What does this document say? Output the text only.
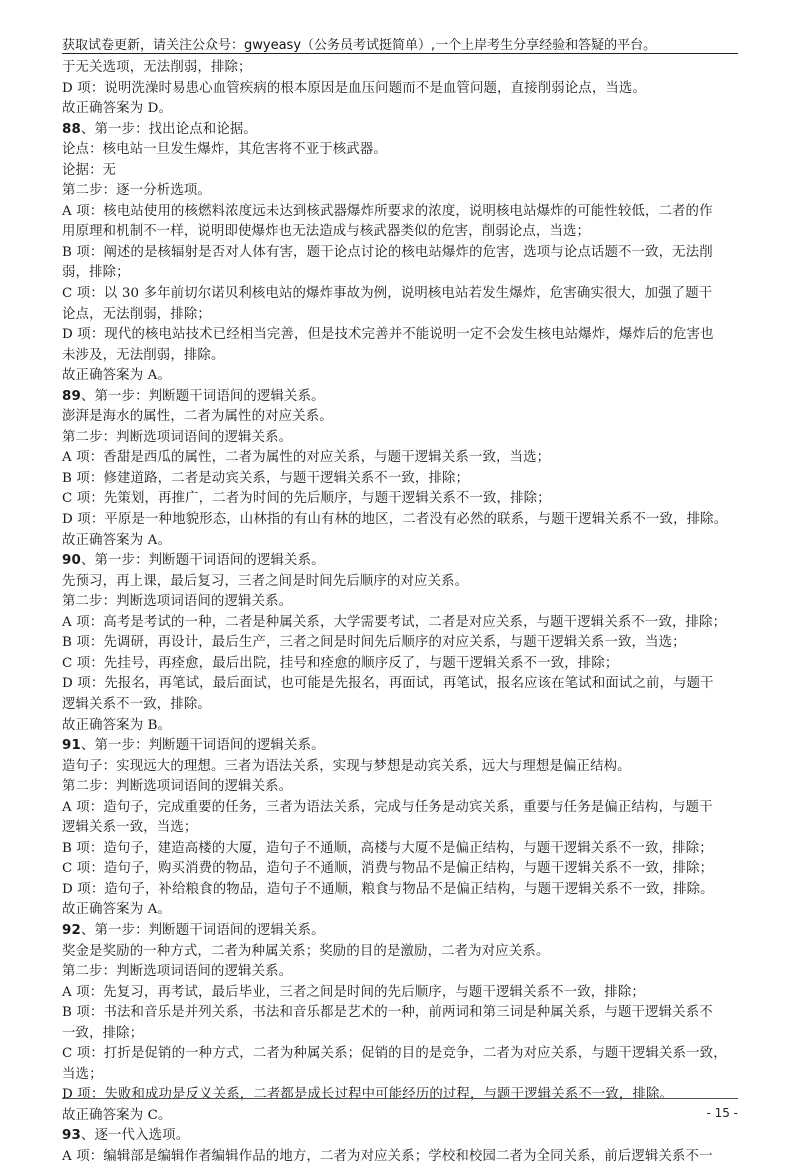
获取试卷更新，请关注公众号：gwyeasy（公务员考试挺简单）,一个上岸考生分享经验和答疑的平台。
于无关选项，无法削弱，排除；
D 项：说明洗澡时易患心血管疾病的根本原因是血压问题而不是血管问题，直接削弱论点，当选。
故正确答案为 D。
88、第一步：找出论点和论据。
论点：核电站一旦发生爆炸，其危害将不亚于核武器。
论据：无
第二步：逐一分析选项。
A 项：核电站使用的核燃料浓度远未达到核武器爆炸所要求的浓度，说明核电站爆炸的可能性较低，二者的作
用原理和机制不一样，说明即使爆炸也无法造成与核武器类似的危害，削弱论点，当选；
B 项：阐述的是核辐射是否对人体有害，题干论点讨论的核电站爆炸的危害，选项与论点话题不一致，无法削
弱，排除；
C 项：以 30 多年前切尔诺贝利核电站的爆炸事故为例，说明核电站若发生爆炸，危害确实很大，加强了题干
论点，无法削弱，排除；
D 项：现代的核电站技术已经相当完善，但是技术完善并不能说明一定不会发生核电站爆炸，爆炸后的危害也
未涉及，无法削弱，排除。
故正确答案为 A。
89、第一步：判断题干词语间的逻辑关系。
澎湃是海水的属性，二者为属性的对应关系。
第二步：判断选项词语间的逻辑关系。
A 项：香甜是西瓜的属性，二者为属性的对应关系，与题干逻辑关系一致，当选；
B 项：修建道路，二者是动宾关系，与题干逻辑关系不一致，排除；
C 项：先策划，再推广，二者为时间的先后顺序，与题干逻辑关系不一致，排除；
D 项：平原是一种地貌形态，山林指的有山有林的地区，二者没有必然的联系，与题干逻辑关系不一致，排除。
故正确答案为 A。
90、第一步：判断题干词语间的逻辑关系。
先预习，再上课，最后复习，三者之间是时间先后顺序的对应关系。
第二步：判断选项词语间的逻辑关系。
A 项：高考是考试的一种，二者是种属关系，大学需要考试，二者是对应关系，与题干逻辑关系不一致，排除；
B 项：先调研，再设计，最后生产，三者之间是时间先后顺序的对应关系，与题干逻辑关系一致，当选；
C 项：先挂号，再痊愈，最后出院，挂号和痊愈的顺序反了，与题干逻辑关系不一致，排除；
D 项：先报名，再笔试，最后面试，也可能是先报名，再面试，再笔试，报名应该在笔试和面试之前，与题干
逻辑关系不一致，排除。
故正确答案为 B。
91、第一步：判断题干词语间的逻辑关系。
造句子：实现远大的理想。三者为语法关系，实现与梦想是动宾关系，远大与理想是偏正结构。
第二步：判断选项词语间的逻辑关系。
A 项：造句子，完成重要的任务，三者为语法关系，完成与任务是动宾关系，重要与任务是偏正结构，与题干
逻辑关系一致，当选；
B 项：造句子，建造高楼的大厦，造句子不通顺，高楼与大厦不是偏正结构，与题干逻辑关系不一致，排除；
C 项：造句子，购买消费的物品，造句子不通顺，消费与物品不是偏正结构，与题干逻辑关系不一致，排除；
D 项：造句子，补给粮食的物品，造句子不通顺，粮食与物品不是偏正结构，与题干逻辑关系不一致，排除。
故正确答案为 A。
92、第一步：判断题干词语间的逻辑关系。
奖金是奖励的一种方式，二者为种属关系；奖励的目的是激励，二者为对应关系。
第二步：判断选项词语间的逻辑关系。
A 项：先复习，再考试，最后毕业，三者之间是时间的先后顺序，与题干逻辑关系不一致，排除；
B 项：书法和音乐是并列关系，书法和音乐都是艺术的一种，前两词和第三词是种属关系，与题干逻辑关系不
一致，排除；
C 项：打折是促销的一种方式，二者为种属关系；促销的目的是竞争，二者为对应关系，与题干逻辑关系一致，
当选；
D 项：失败和成功是反义关系，二者都是成长过程中可能经历的过程，与题干逻辑关系不一致，排除。
故正确答案为 C。
93、逐一代入选项。
A 项：编辑部是编辑作者编辑作品的地方，二者为对应关系；学校和校园二者为全同关系，前后逻辑关系不一
- 15 -
